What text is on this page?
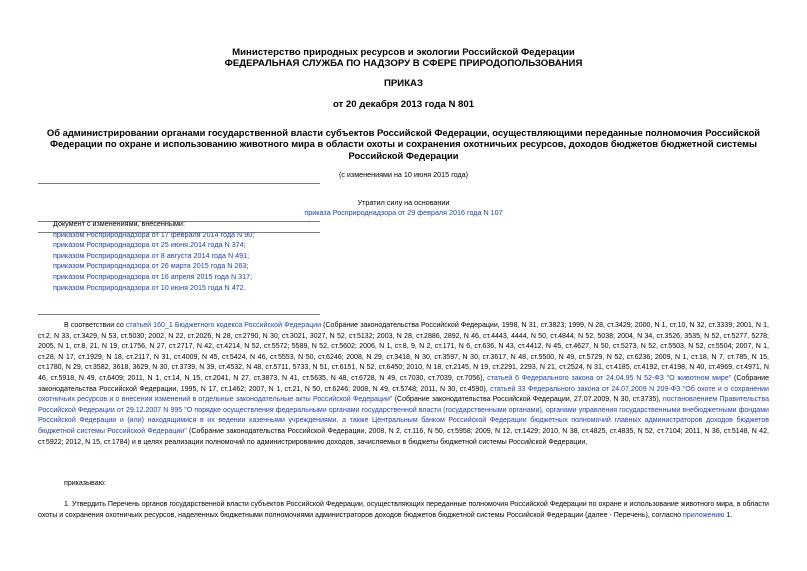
Министерство природных ресурсов и экологии Российской Федерации
ФЕДЕРАЛЬНАЯ СЛУЖБА ПО НАДЗОРУ В СФЕРЕ ПРИРОДОПОЛЬЗОВАНИЯ
ПРИКАЗ
от 20 декабря 2013 года N 801
Об администрировании органами государственной власти субъектов Российской Федерации, осуществляющими переданные полномочия Российской Федерации по охране и использованию животного мира в области охоты и сохранения охотничьих ресурсов, доходов бюджетов бюджетной системы Российской Федерации
(с изменениями на 10 июня 2015 года)
Утратил силу на основании
приказа Росприроднадзора от 29 февраля 2016 года N 107
Документ с изменениями, внесенными:
приказом Росприроднадзора от 17 февраля 2014 года N 90;
приказом Росприроднадзора от 25 июня 2014 года N 374;
приказом Росприроднадзора от 8 августа 2014 года N 491;
приказом Росприроднадзора от 26 марта 2015 года N 263;
приказом Росприроднадзора от 16 апреля 2015 года N 317;
приказом Росприроднадзора от 10 июня 2015 года N 472.
В соответствии со статьей 160_1 Бюджетного кодекса Российской Федерации (Собрание законодательства Российской Федерации, 1998, N 31, ст.3823; 1999, N 28, ст.3429; 2000, N 1, ст.10, N 32, ст.3339; 2001, N 1, ст.2, N 33, ст.3429, N 53, ст.5030; 2002, N 22, ст.2026, N 28, ст.2790, N 30, ст.3021, 3027, N 52, ст.5132; 2003, N 28, ст.2886, 2892, N 46, ст.4443, 4444, N 50, ст.4844, N 52, 5038; 2004, N 34, ст.3526, 3535, N 52, ст.5277, 5278; 2005, N 1, ст.8, 21, N 19, ст.1756, N 27, ст.2717, N 42, ст.4214, N 52, ст.5572; 5589, N 52, ст.5602; 2006, N 1, ст.8, 9, N 2, ст.171, N 6, ст.636, N 43, ст.4412, N 45, ст.4627, N 50, ст.5273, N 52, ст.5503, N 52, ст.5504; 2007, N 1, ст.28, N 17, ст.1929, N 18, ст.2117, N 31, ст.4009, N 45, ст.5424, N 46, ст.5553, N 50, ст.6246; 2008, N 29, ст.3418, N 30, ст.3597, N 30, ст.3617, N 48, ст.5500, N 49, ст.5729, N 52, ст.6236; 2009, N 1, ст.18, N 7, ст.785, N 15, ст.1780, N 29, ст.3582, 3618, 3629, N 30, ст.3739, N 39, ст.4532, N 48, ст.5711, 5733, N 51, ст.6151, N 52, ст.6450; 2010, N 18, ст.2145, N 19, ст.2291, 2293, N 21, ст.2524, N 31, ст.4185, ст.4192, ст.4198, N 40, ст.4969, ст.4971, N 46, ст.5918, N 49, ст.6409; 2011, N 1, ст.14, N 15, ст.2041, N 27, ст.3873, N 41, ст.5635, N 48, ст.6728, N 49, ст.7030, ст.7039, ст.7056), статьей 6 Федерального закона от 24.04.95 N 52-ФЗ "О животном мире" (Собрание законодательства Российской Федерации, 1995, N 17, ст.1462; 2007, N 1, ст.21, N 50, ст.6246; 2008, N 49, ст.5748; 2011, N 30, ст.4590), статьей 33 Федерального закона от 24.07.2009 N 209-ФЗ "Об охоте и о сохранении охотничьих ресурсов и о внесении изменений в отдельные законодательные акты Российской Федерации" (Собрание законодательства Российской Федерации, 27.07.2009, N 30, ст.3735), постановлением Правительства Российской Федерации от 29.12.2007 N 995 "О порядке осуществления федеральными органами государственной власти (государственными органами), органами управления государственными внебюджетными фондами Российской Федерации и (или) находящимися в их ведении казенными учреждениями, а также Центральным банком Российской Федерации бюджетных полномочий главных администраторов доходов бюджетов бюджетной системы Российской Федерации" (Собрание законодательства Российской Федерации, 2008, N 2, ст.116, N 50, ст.5958; 2009, N 12, ст.1429; 2010, N 38, ст.4825, ст.4835, N 52, ст.7104; 2011, N 36, ст.5148, N 42, ст.5922; 2012, N 15, ст.1784) и в целях реализации полномочий по администрированию доходов, зачисляемых в бюджеты бюджетной системы Российской Федерации,
приказываю:
1. Утвердить Перечень органов государственной власти субъектов Российской Федерации, осуществляющих переданные полномочия Российской Федерации по охране и использование животного мира, в области охоты и сохранения охотничьих ресурсов, наделенных бюджетными полномочиями администраторов доходов бюджетов бюджетной системы Российской Федерации (далее - Перечень), согласно приложению 1.
